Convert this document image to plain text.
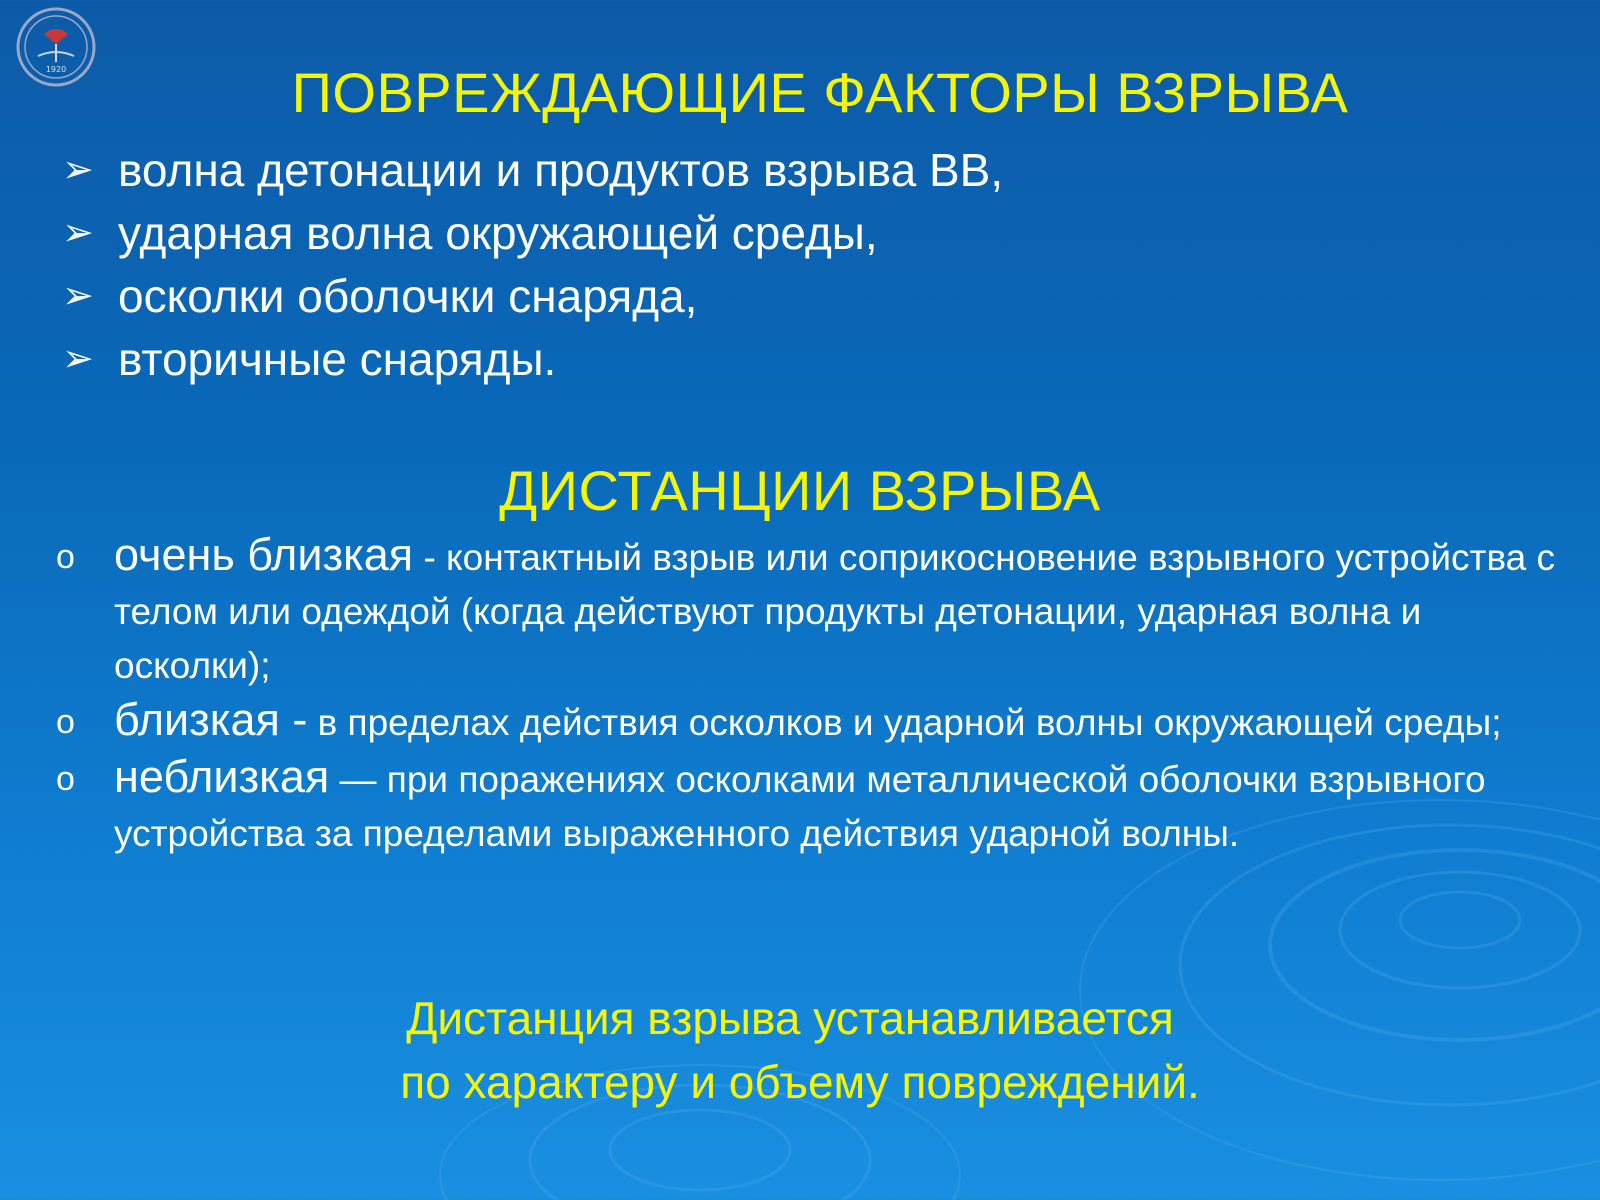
1920	ПОВРЕЖДАЮЩИЕ ФАКТОРЫ ВЗРЫВА
➢ волна детонации и продуктов взрыва ВВ,
➢ ударная волна окружающей среды,
➢ осколки оболочки снаряда,
➢ вторичные снаряды.
ДИСТАНЦИИ ВЗРЫВА
o очень близкая - контактный взрыв или соприкосновение взрывного устройства с телом или одеждой (когда действуют продукты детонации, ударная волна и осколки);
o близкая - в пределах действия осколков и ударной волны окружающей среды;
o неблизкая — при поражениях осколками металлической оболочки взрывного устройства за пределами выраженного действия ударной волны.
Дистанция взрыва устанавливается
по характеру и объему повреждений.
